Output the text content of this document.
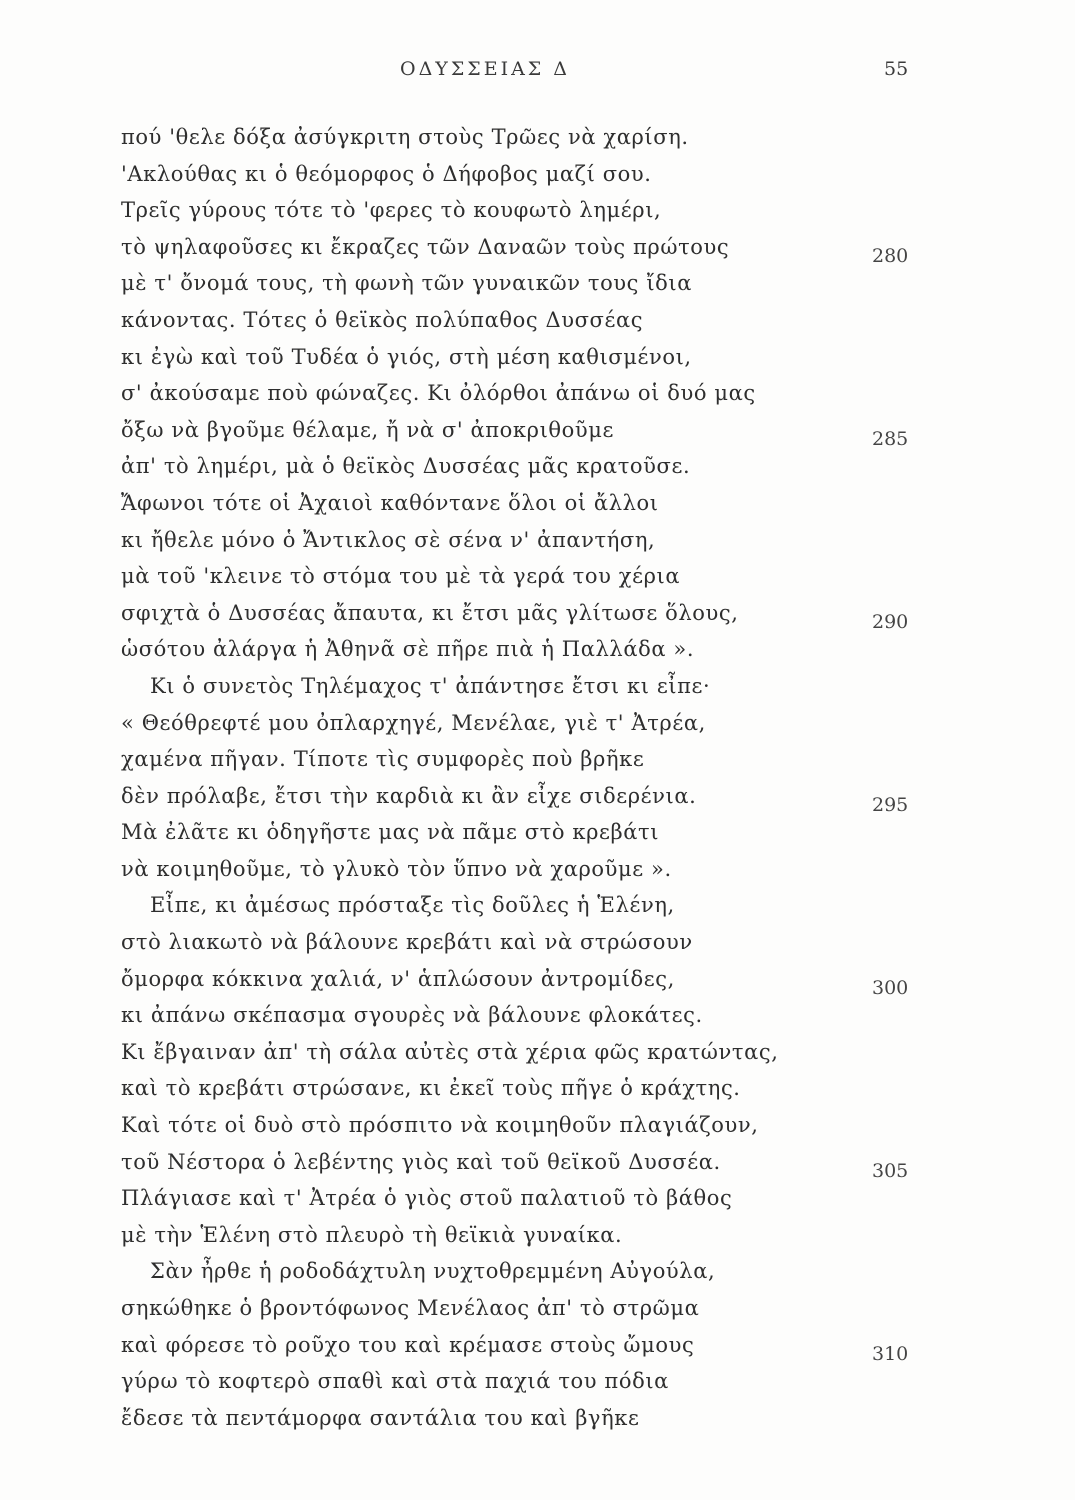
ΟΔΥΣΣΕΙΑΣ Δ	55
πού 'θελε δόξα ἀσύγκριτη στοὺς Τρῶες νὰ χαρίση.
'Ακλούθας κι ὁ θεόμορφος ὁ Δήφοβος μαζί σου.
Τρεῖς γύρους τότε τὸ 'φερες τὸ κουφωτὸ λημέρι,
τὸ ψηλαφοῦσες κι ἔκραζες τῶν Δαναῶν τοὺς πρώτους	280
μὲ τ' ὄνομά τους, τὴ φωνὴ τῶν γυναικῶν τους ἴδια
κάνοντας. Τότες ὁ θεϊκὸς πολύπαθος Δυσσέας
κι ἐγὼ καὶ τοῦ Τυδέα ὁ γιός, στὴ μέση καθισμένοι,
σ' ἀκούσαμε ποὺ φώναζες. Κι ὀλόρθοι ἀπάνω οἱ δυό μας
ὄξω νὰ βγοῦμε θέλαμε, ἤ νὰ σ' ἀποκριθοῦμε	285
ἀπ' τὸ λημέρι, μὰ ὁ θεϊκὸς Δυσσέας μᾶς κρατοῦσε.
Ἄφωνοι τότε οἱ Ἀχαιοὶ καθόντανε ὅλοι οἱ ἄλλοι
κι ἤθελε μόνο ὁ Ἄντικλος σὲ σένα ν' ἀπαντήση,
μὰ τοῦ 'κλεινε τὸ στόμα του μὲ τὰ γερά του χέρια
σφιχτὰ ὁ Δυσσέας ἄπαυτα, κι ἔτσι μᾶς γλίτωσε ὅλους,	290
ὡσότου ἀλάργα ἡ Ἀθηνᾶ σὲ πῆρε πιὰ ἡ Παλλάδα ».
Κι ὁ συνετὸς Τηλέμαχος τ' ἀπάντησε ἔτσι κι εἶπε·
« Θεόθρεφτέ μου ὀπλαρχηγέ, Μενέλαε, γιὲ τ' Ἀτρέα,
χαμένα πῆγαν. Τίποτε τὶς συμφορὲς ποὺ βρῆκε
δὲν πρόλαβε, ἔτσι τὴν καρδιὰ κι ἂν εἶχε σιδερένια.	295
Μὰ ἐλᾶτε κι ὁδηγῆστε μας νὰ πᾶμε στὸ κρεβάτι
νὰ κοιμηθοῦμε, τὸ γλυκὸ τὸν ὕπνο νὰ χαροῦμε ».
Εἶπε, κι ἀμέσως πρόσταξε τὶς δοῦλες ἡ Ἑλένη,
στὸ λιακωτὸ νὰ βάλουνε κρεβάτι καὶ νὰ στρώσουν
ὄμορφα κόκκινα χαλιά, ν' ἁπλώσουν ἀντρομίδες,	300
κι ἀπάνω σκέπασμα σγουρὲς νὰ βάλουνε φλοκάτες.
Κι ἔβγαιναν ἀπ' τὴ σάλα αὐτὲς στὰ χέρια φῶς κρατώντας,
καὶ τὸ κρεβάτι στρώσανε, κι ἐκεῖ τοὺς πῆγε ὁ κράχτης.
Καὶ τότε οἱ δυὸ στὸ πρόσπιτο νὰ κοιμηθοῦν πλαγιάζουν,
τοῦ Νέστορα ὁ λεβέντης γιὸς καὶ τοῦ θεϊκοῦ Δυσσέα.	305
Πλάγιασε καὶ τ' Ἀτρέα ὁ γιὸς στοῦ παλατιοῦ τὸ βάθος
μὲ τὴν Ἑλένη στὸ πλευρὸ τὴ θεϊκιὰ γυναίκα.
Σὰν ἦρθε ἡ ροδοδάχτυλη νυχτοθρεμμένη Αὐγούλα,
σηκώθηκε ὁ βροντόφωνος Μενέλαος ἀπ' τὸ στρῶμα
καὶ φόρεσε τὸ ροῦχο του καὶ κρέμασε στοὺς ὤμους	310
γύρω τὸ κοφτερὸ σπαθὶ καὶ στὰ παχιά του πόδια
ἔδεσε τὰ πεντάμορφα σαντάλια του καὶ βγῆκε
